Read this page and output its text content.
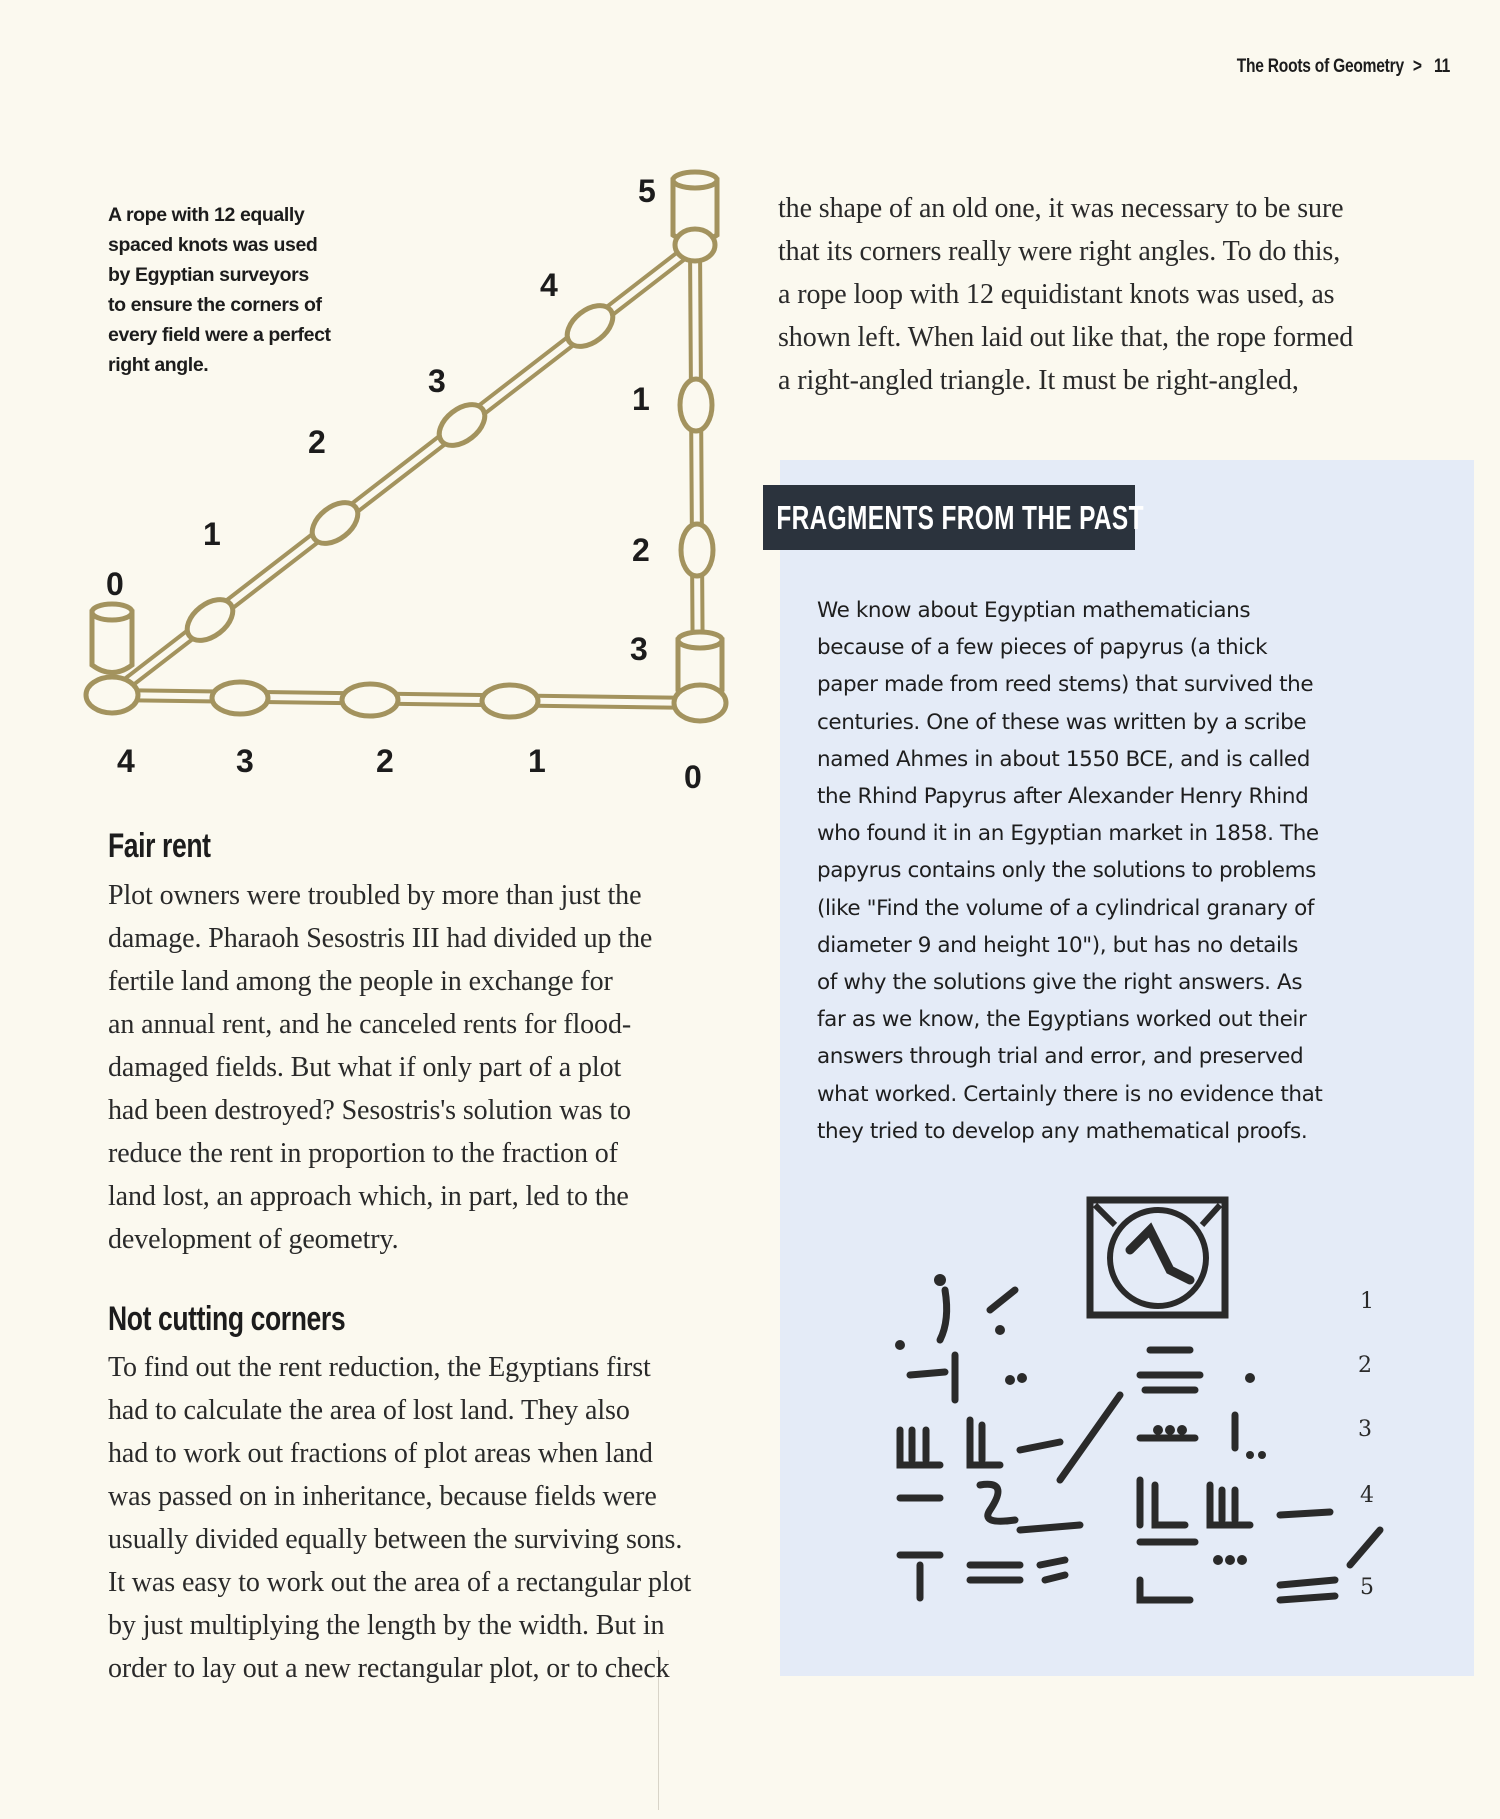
The Roots of Geometry > 11
A rope with 12 equally
spaced knots was used
by Egyptian surveyors
to ensure the corners of
every field were a perfect
right angle.
0
1
2
3
4
5
1
2
3
4	3	2	1	0
the shape of an old one, it was necessary to be sure
that its corners really were right angles. To do this,
a rope loop with 12 equidistant knots was used, as
shown left. When laid out like that, the rope formed
a right-angled triangle. It must be right-angled,
Fair rent
Plot owners were troubled by more than just the
damage. Pharaoh Sesostris III had divided up the
fertile land among the people in exchange for
an annual rent, and he canceled rents for flood-
damaged fields. But what if only part of a plot
had been destroyed? Sesostris's solution was to
reduce the rent in proportion to the fraction of
land lost, an approach which, in part, led to the
development of geometry.
Not cutting corners
To find out the rent reduction, the Egyptians first
had to calculate the area of lost land. They also
had to work out fractions of plot areas when land
was passed on in inheritance, because fields were
usually divided equally between the surviving sons.
It was easy to work out the area of a rectangular plot
by just multiplying the length by the width. But in
order to lay out a new rectangular plot, or to check
FRAGMENTS FROM THE PAST
We know about Egyptian mathematicians
because of a few pieces of papyrus (a thick
paper made from reed stems) that survived the
centuries. One of these was written by a scribe
named Ahmes in about 1550 BCE, and is called
the Rhind Papyrus after Alexander Henry Rhind
who found it in an Egyptian market in 1858. The
papyrus contains only the solutions to problems
(like "Find the volume of a cylindrical granary of
diameter 9 and height 10"), but has no details
of why the solutions give the right answers. As
far as we know, the Egyptians worked out their
answers through trial and error, and preserved
what worked. Certainly there is no evidence that
they tried to develop any mathematical proofs.
1
2
3
4
5
